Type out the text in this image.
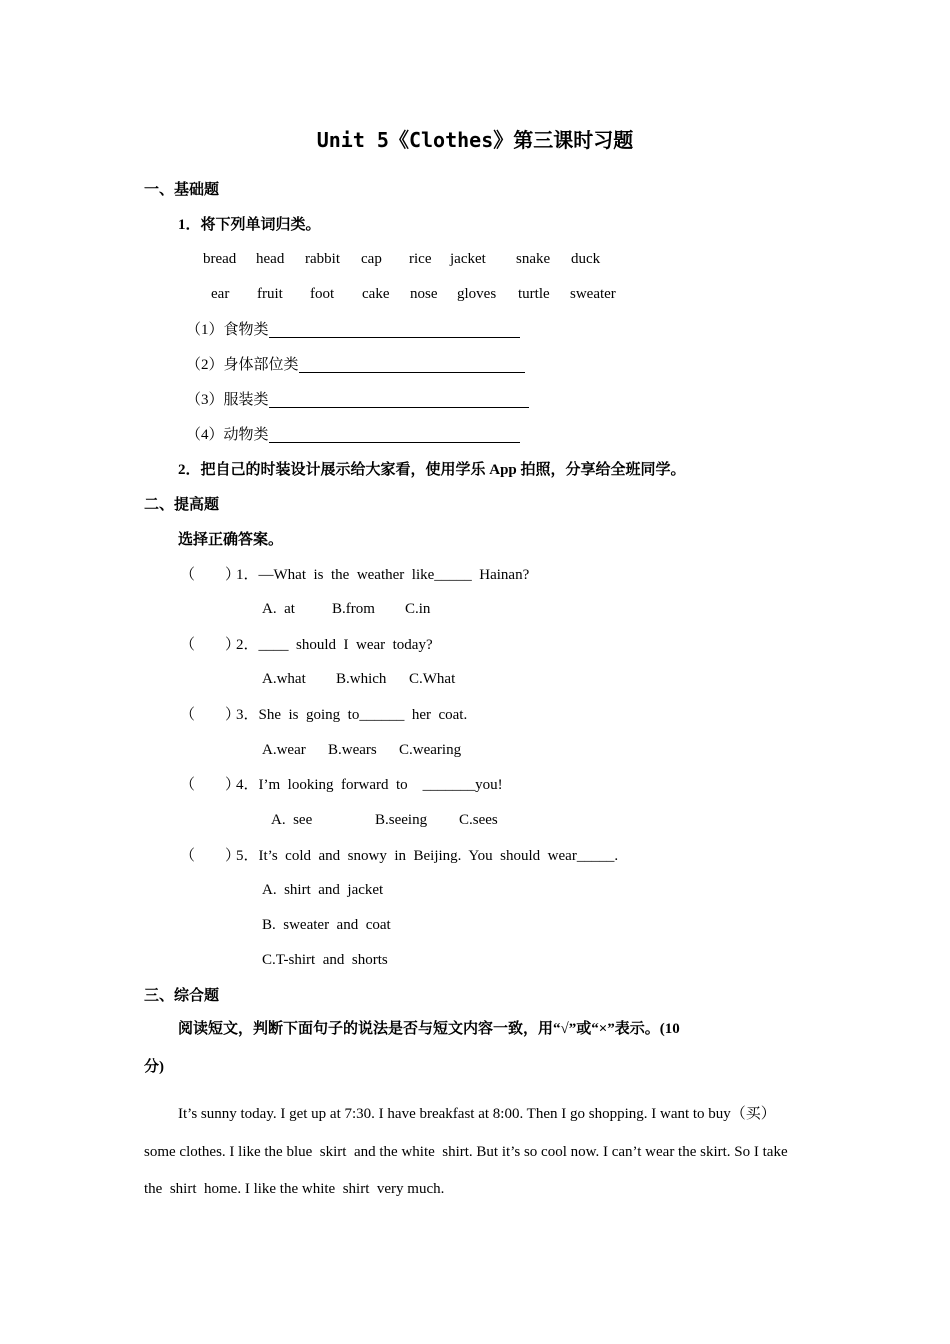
Unit 5《Clothes》第三课时习题
一、基础题
1．将下列单词归类。
bread head rabbit cap rice jacket snake duck
ear fruit foot cake nose gloves turtle sweater
（1）食物类
（2）身体部位类
（3）服装类
（4）动物类
2．把自己的时装设计展示给大家看，使用学乐 App 拍照，分享给全班同学。
二、提高题
选择正确答案。
（　　）
1．—What  is  the  weather  like_____  Hainan?
A.  at B.from C.in
（　　）
2．____  should  I  wear  today?
A.what B.which C.What
（　　）
3．She  is  going  to______  her  coat.
A.wear B.wears C.wearing
（　　）
4．I’m  looking  forward  to    _______you!
A.  see	B.seeing C.sees
（　　）
5．It’s  cold  and  snowy  in  Beijing.  You  should  wear_____.
A.  shirt  and  jacket
B.  sweater  and  coat
C.T-shirt  and  shorts
三、综合题
阅读短文，判断下面句子的说法是否与短文内容一致，用“√”或“×”表示。(10
分)
It’s sunny today. I get up at 7:30. I have breakfast at 8:00. Then I go shopping. I want to buy（买）some clothes. I like the blue  skirt  and the white  shirt. But it’s so cool now. I can’t wear the skirt. So I take the  shirt  home. I like the white  shirt  very much.
